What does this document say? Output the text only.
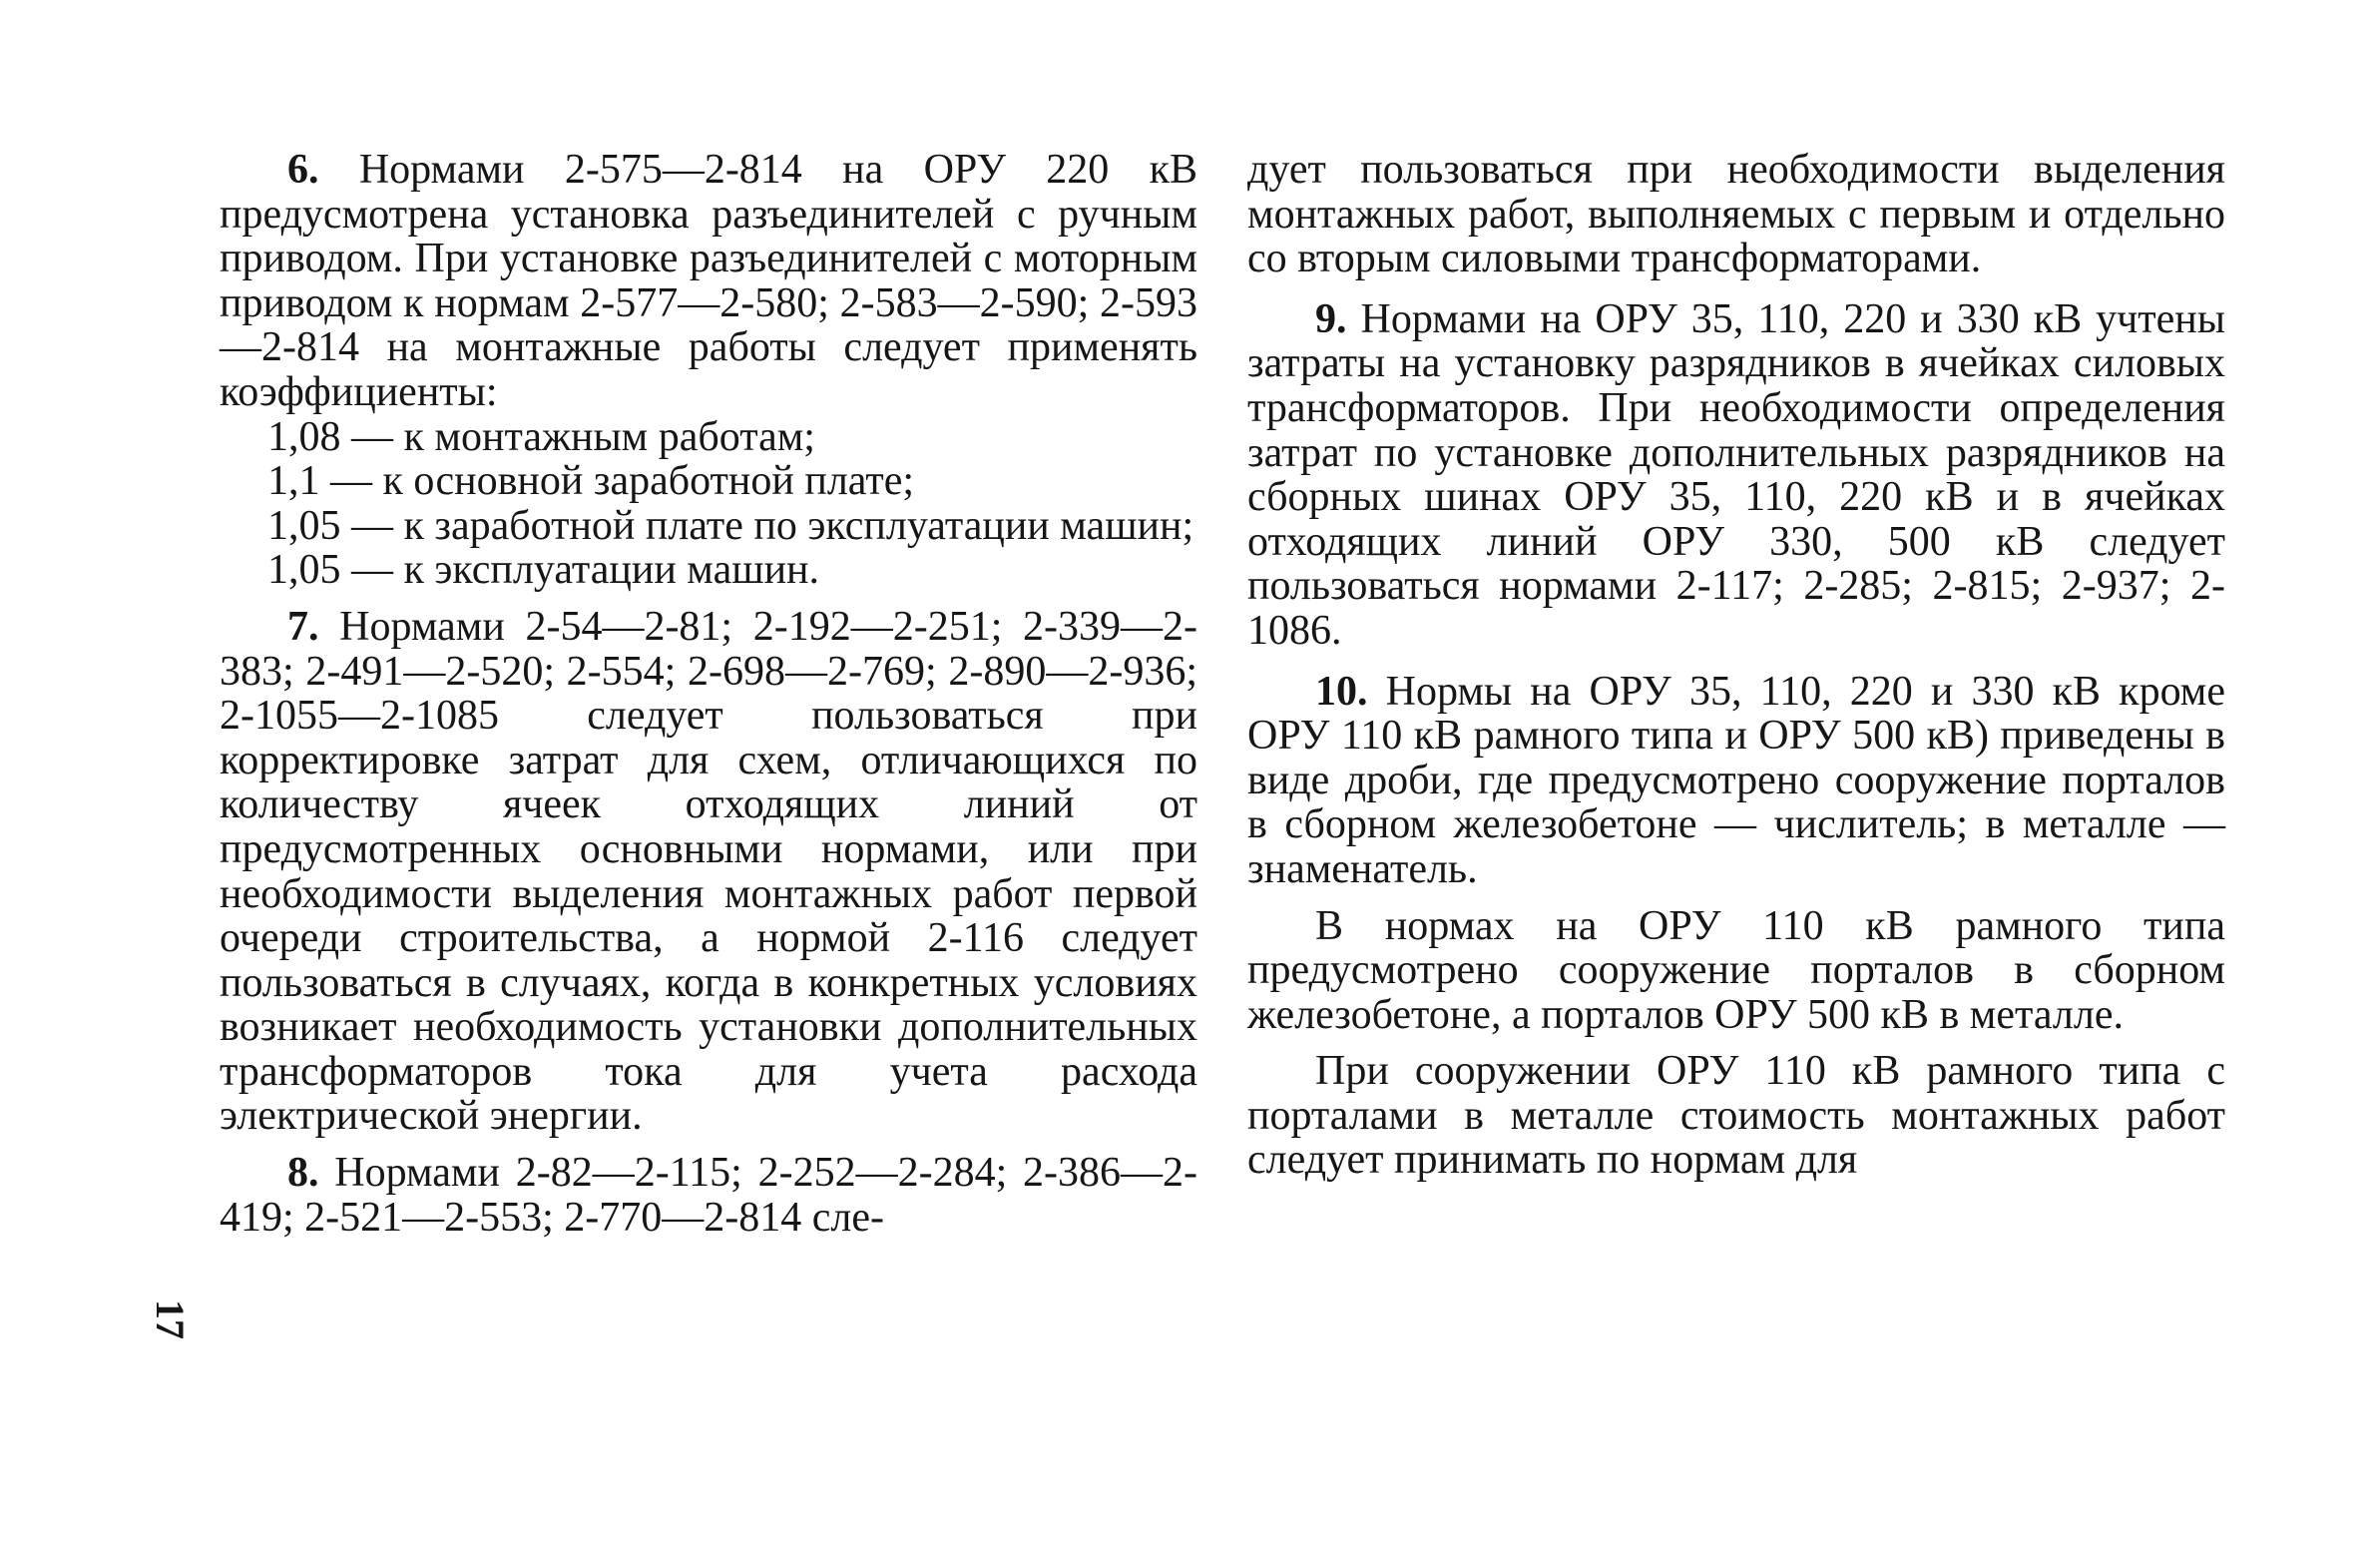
6. Нормами 2-575—2-814 на ОРУ 220 кВ предусмотрена установка разъединителей с ручным приводом. При установке разъединителей с моторным приводом к нормам 2-577—2-580; 2-583—2-590; 2-593—2-814 на монтажные работы следует применять коэффициенты:

1,08 — к монтажным работам;

1,1 — к основной заработной плате;

1,05 — к заработной плате по эксплуатации машин;

1,05 — к эксплуатации машин.

7. Нормами 2-54—2-81; 2-192—2-251; 2-339—2-383; 2-491—2-520; 2-554; 2-698—2-769; 2-890—2-936; 2-1055—2-1085 следует пользоваться при корректировке затрат для схем, отличающихся по количеству ячеек отходящих линий от предусмотренных основными нормами, или при необходимости выделения монтажных работ первой очереди строительства, а нормой 2-116 следует пользоваться в случаях, когда в конкретных условиях возникает необходимость установки дополнительных трансформаторов тока для учета расхода электрической энергии.

8. Нормами 2-82—2-115; 2-252—2-284; 2-386—2-419; 2-521—2-553; 2-770—2-814 сле-

дует пользоваться при необходимости выделения монтажных работ, выполняемых с первым и отдельно со вторым силовыми трансформаторами.

9. Нормами на ОРУ 35, 110, 220 и 330 кВ учтены затраты на установку разрядников в ячейках силовых трансформаторов. При необходимости определения затрат по установке дополнительных разрядников на сборных шинах ОРУ 35, 110, 220 кВ и в ячейках отходящих линий ОРУ 330, 500 кВ следует пользоваться нормами 2-117; 2-285; 2-815; 2-937; 2-1086.

10. Нормы на ОРУ 35, 110, 220 и 330 кВ кроме ОРУ 110 кВ рамного типа и ОРУ 500 кВ) приведены в виде дроби, где предусмотрено сооружение порталов в сборном железобетоне — числитель; в металле — знаменатель.

В нормах на ОРУ 110 кВ рамного типа предусмотрено сооружение порталов в сборном железобетоне, а порталов ОРУ 500 кВ в металле.

При сооружении ОРУ 110 кВ рамного типа с порталами в металле стоимость монтажных работ следует принимать по нормам для

17
